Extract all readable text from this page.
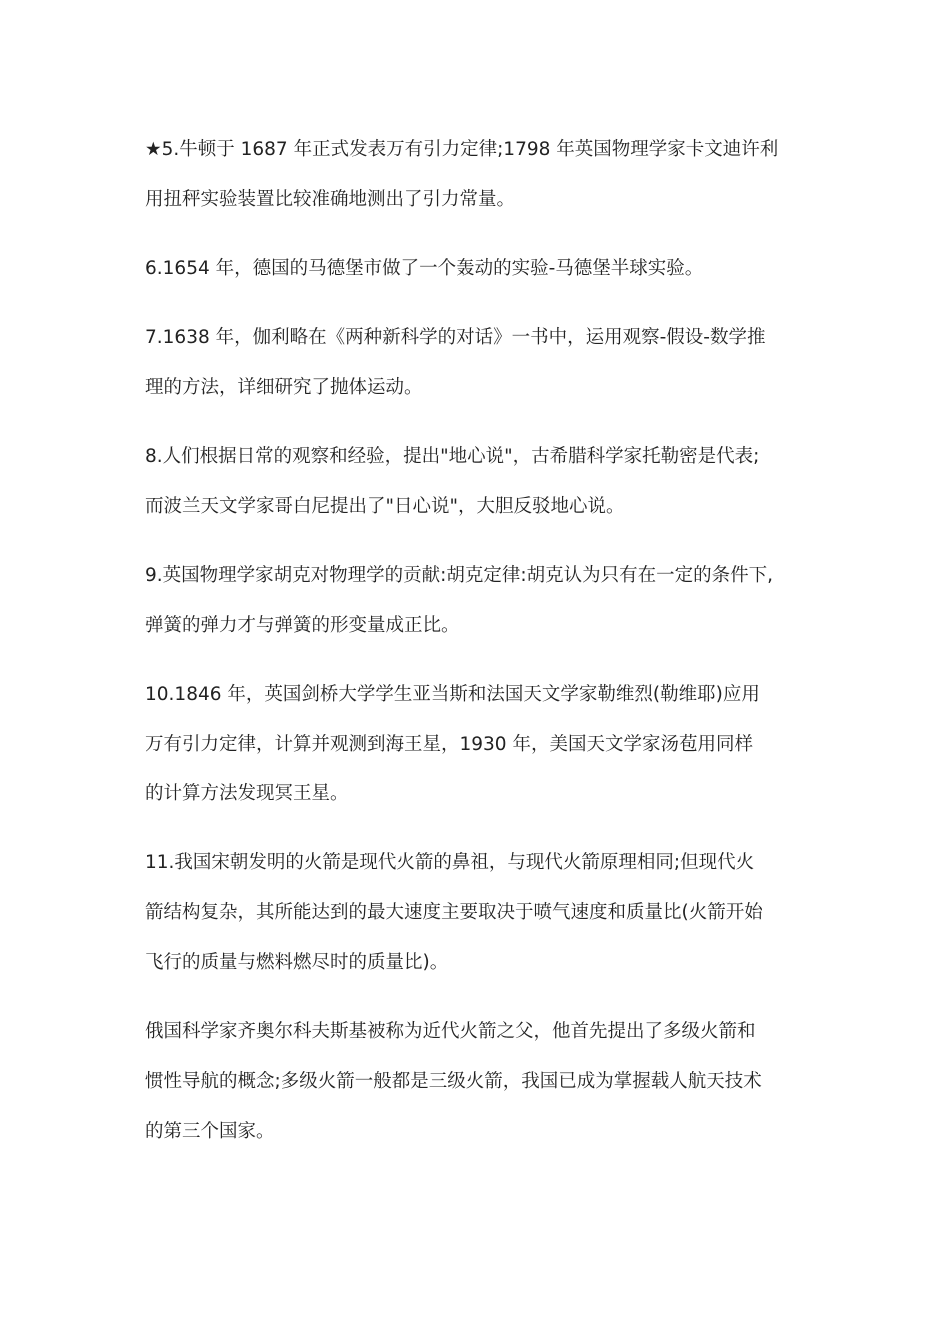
★5.牛顿于 1687 年正式发表万有引力定律;1798 年英国物理学家卡文迪许利

用扭秤实验装置比较准确地测出了引力常量。

6.1654 年，德国的马德堡市做了一个轰动的实验-马德堡半球实验。

7.1638 年，伽利略在《两种新科学的对话》一书中，运用观察-假设-数学推

理的方法，详细研究了抛体运动。

8.人们根据日常的观察和经验，提出"地心说"，古希腊科学家托勒密是代表;

而波兰天文学家哥白尼提出了"日心说"，大胆反驳地心说。

9.英国物理学家胡克对物理学的贡献:胡克定律:胡克认为只有在一定的条件下,

弹簧的弹力才与弹簧的形变量成正比。

10.1846 年，英国剑桥大学学生亚当斯和法国天文学家勒维烈(勒维耶)应用

万有引力定律，计算并观测到海王星，1930 年，美国天文学家汤苞用同样

的计算方法发现冥王星。

11.我国宋朝发明的火箭是现代火箭的鼻祖，与现代火箭原理相同;但现代火

箭结构复杂，其所能达到的最大速度主要取决于喷气速度和质量比(火箭开始

飞行的质量与燃料燃尽时的质量比)。

俄国科学家齐奥尔科夫斯基被称为近代火箭之父，他首先提出了多级火箭和

惯性导航的概念;多级火箭一般都是三级火箭，我国已成为掌握载人航天技术

的第三个国家。
